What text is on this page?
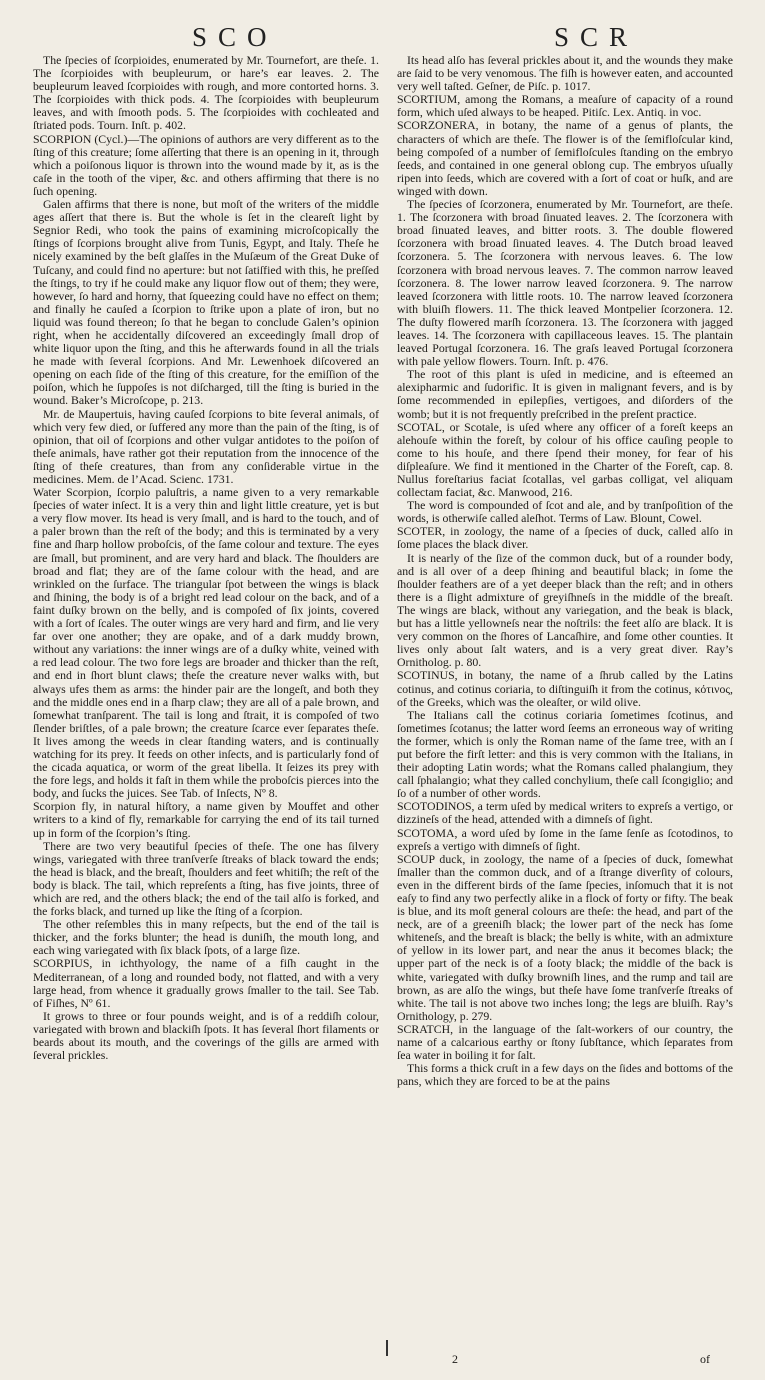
SCO	SCR

The ſpecies of ſcorpioides, enumerated by Mr. Tournefort, are theſe. 1. The ſcorpioides with beupleurum, or hare’s ear leaves. 2. The beupleurum leaved ſcorpioides with rough, and more contorted horns. 3. The ſcorpioides with thick pods. 4. The ſcorpioides with beupleurum leaves, and with ſmooth pods. 5. The ſcorpioides with cochleated and ſtriated pods. Tourn. Inſt. p. 402.

SCORPION (Cycl.)—The opinions of authors are very different as to the ſting of this creature; ſome aſſerting that there is an opening in it, through which a poiſonous liquor is thrown into the wound made by it, as is the caſe in the tooth of the viper, &c. and others affirming that there is no ſuch opening.

Galen affirms that there is none, but moſt of the writers of the middle ages aſſert that there is. But the whole is ſet in the cleareſt light by Segnior Redi, who took the pains of examining microſcopically the ſtings of ſcorpions brought alive from Tunis, Egypt, and Italy. Theſe he nicely examined by the beſt glaſſes in the Muſæum of the Great Duke of Tuſcany, and could find no aperture: but not ſatiſfied with this, he preſſed the ſtings, to try if he could make any liquor flow out of them; they were, however, ſo hard and horny, that ſqueezing could have no effect on them; and finally he cauſed a ſcorpion to ſtrike upon a plate of iron, but no liquid was found thereon; ſo that he began to conclude Galen’s opinion right, when he accidentally diſcovered an exceedingly ſmall drop of white liquor upon the ſting, and this he afterwards found in all the trials he made with ſeveral ſcorpions. And Mr. Lewenhoek diſcovered an opening on each ſide of the ſting of this creature, for the emiſſion of the poiſon, which he ſuppoſes is not diſcharged, till the ſting is buried in the wound. Baker’s Microſcope, p. 213.

Mr. de Maupertuis, having cauſed ſcorpions to bite ſeveral animals, of which very few died, or ſuffered any more than the pain of the ſting, is of opinion, that oil of ſcorpions and other vulgar antidotes to the poiſon of theſe animals, have rather got their reputation from the innocence of the ſting of theſe creatures, than from any conſiderable virtue in the medicines. Mem. de l’Acad. Scienc. 1731.

Water Scorpion, ſcorpio paluſtris, a name given to a very remarkable ſpecies of water inſect. It is a very thin and light little creature, yet is but a very flow mover. Its head is very ſmall, and is hard to the touch, and of a paler brown than the reſt of the body; and this is terminated by a very fine and ſharp hollow proboſcis, of the ſame colour and texture. The eyes are ſmall, but prominent, and are very hard and black. The ſhoulders are broad and flat; they are of the ſame colour with the head, and are wrinkled on the ſurface. The triangular ſpot between the wings is black and ſhining, the body is of a bright red lead colour on the back, and of a faint duſky brown on the belly, and is compoſed of ſix joints, covered with a ſort of ſcales. The outer wings are very hard and firm, and lie very far over one another; they are opake, and of a dark muddy brown, without any variations: the inner wings are of a duſky white, veined with a red lead colour. The two fore legs are broader and thicker than the reſt, and end in ſhort blunt claws; theſe the creature never walks with, but always ufes them as arms: the hinder pair are the longeſt, and both they and the middle ones end in a ſharp claw; they are all of a pale brown, and ſomewhat tranſparent. The tail is long and ſtrait, it is compoſed of two ſlender briſtles, of a pale brown; the creature ſcarce ever ſeparates theſe. It lives among the weeds in clear ſtanding waters, and is continually watching for its prey. It feeds on other inſects, and is particularly fond of the cicada aquatica, or worm of the great libella. It ſeizes its prey with the fore legs, and holds it faſt in them while the proboſcis pierces into the body, and ſucks the juices. See Tab. of Inſects, Nº 8.

Scorpion fly, in natural hiſtory, a name given by Mouffet and other writers to a kind of fly, remarkable for carrying the end of its tail turned up in form of the ſcorpion’s ſting.

There are two very beautiful ſpecies of theſe. The one has ſilvery wings, variegated with three tranſverſe ſtreaks of black toward the ends; the head is black, and the breaſt, ſhoulders and feet whitiſh; the reſt of the body is black. The tail, which repreſents a ſting, has five joints, three of which are red, and the others black; the end of the tail alſo is forked, and the forks black, and turned up like the ſting of a ſcorpion.

The other reſembles this in many reſpects, but the end of the tail is thicker, and the forks blunter; the head is duniſh, the mouth long, and each wing variegated with ſix black ſpots, of a large ſize.

SCORPIUS, in ichthyology, the name of a fiſh caught in the Mediterranean, of a long and rounded body, not flatted, and with a very large head, from whence it gradually grows ſmaller to the tail. See Tab. of Fiſhes, Nº 61.

It grows to three or four pounds weight, and is of a reddiſh colour, variegated with brown and blackiſh ſpots. It has ſeveral ſhort filaments or beards about its mouth, and the coverings of the gills are armed with ſeveral prickles.

Its head alſo has ſeveral prickles about it, and the wounds they make are ſaid to be very venomous. The fiſh is however eaten, and accounted very well taſted. Geſner, de Piſc. p. 1017.

SCORTIUM, among the Romans, a meaſure of capacity of a round form, which uſed always to be heaped. Pitiſc. Lex. Antiq. in voc.

SCORZONERA, in botany, the name of a genus of plants, the characters of which are theſe. The flower is of the ſemifloſcular kind, being compoſed of a number of ſemifloſcules ſtanding on the embryo ſeeds, and contained in one general oblong cup. The embryos uſually ripen into ſeeds, which are covered with a ſort of coat or huſk, and are winged with down.

The ſpecies of ſcorzonera, enumerated by Mr. Tournefort, are theſe. 1. The ſcorzonera with broad ſinuated leaves. 2. The ſcorzonera with broad ſinuated leaves, and bitter roots. 3. The double flowered ſcorzonera with broad ſinuated leaves. 4. The Dutch broad leaved ſcorzonera. 5. The ſcorzonera with nervous leaves. 6. The low ſcorzonera with broad nervous leaves. 7. The common narrow leaved ſcorzonera. 8. The lower narrow leaved ſcorzonera. 9. The narrow leaved ſcorzonera with little roots. 10. The narrow leaved ſcorzonera with bluiſh flowers. 11. The thick leaved Montpelier ſcorzonera. 12. The duſty flowered marſh ſcorzonera. 13. The ſcorzonera with jagged leaves. 14. The ſcorzonera with capillaceous leaves. 15. The plantain leaved Portugal ſcorzonera. 16. The graſs leaved Portugal ſcorzonera with pale yellow flowers. Tourn. Inſt. p. 476.

The root of this plant is uſed in medicine, and is eſteemed an alexipharmic and ſudorific. It is given in malignant fevers, and is by ſome recommended in epilepſies, vertigoes, and diſorders of the womb; but it is not frequently preſcribed in the preſent practice.

SCOTAL, or Scotale, is uſed where any officer of a foreſt keeps an alehouſe within the foreſt, by colour of his office cauſing people to come to his houſe, and there ſpend their money, for fear of his diſpleaſure. We find it mentioned in the Charter of the Foreſt, cap. 8. Nullus foreſtarius faciat ſcotallas, vel garbas colligat, vel aliquam collectam faciat, &c. Manwood, 216.

The word is compounded of ſcot and ale, and by tranſpoſition of the words, is otherwiſe called aleſhot. Terms of Law. Blount, Cowel.

SCOTER, in zoology, the name of a ſpecies of duck, called alſo in ſome places the black diver.

It is nearly of the ſize of the common duck, but of a rounder body, and is all over of a deep ſhining and beautiful black; in ſome the ſhoulder feathers are of a yet deeper black than the reſt; and in others there is a ſlight admixture of greyiſhneſs in the middle of the breaſt. The wings are black, without any variegation, and the beak is black, but has a little yellowneſs near the noſtrils: the feet alſo are black. It is very common on the ſhores of Lancaſhire, and ſome other counties. It lives only about ſalt waters, and is a very great diver. Ray’s Ornitholog. p. 80.

SCOTINUS, in botany, the name of a ſhrub called by the Latins cotinus, and cotinus coriaria, to diſtinguiſh it from the cotinus, κότινος, of the Greeks, which was the oleaſter, or wild olive.

The Italians call the cotinus coriaria ſometimes ſcotinus, and ſometimes ſcotanus; the latter word ſeems an erroneous way of writing the former, which is only the Roman name of the ſame tree, with an ſ put before the firſt letter: and this is very common with the Italians, in their adopting Latin words; what the Romans called phalangium, they call ſphalangio; what they called conchylium, theſe call ſcongiglio; and ſo of a number of other words.

SCOTODINOS, a term uſed by medical writers to expreſs a vertigo, or dizzineſs of the head, attended with a dimneſs of ſight.

SCOTOMA, a word uſed by ſome in the ſame ſenſe as ſcotodinos, to expreſs a vertigo with dimneſs of ſight.

SCOUP duck, in zoology, the name of a ſpecies of duck, ſomewhat ſmaller than the common duck, and of a ſtrange diverſity of colours, even in the different birds of the ſame ſpecies, inſomuch that it is not eaſy to find any two perfectly alike in a flock of forty or fifty. The beak is blue, and its moſt general colours are theſe: the head, and part of the neck, are of a greeniſh black; the lower part of the neck has ſome whiteneſs, and the breaſt is black; the belly is white, with an admixture of yellow in its lower part, and near the anus it becomes black; the upper part of the neck is of a ſooty black; the middle of the back is white, variegated with duſky browniſh lines, and the rump and tail are brown, as are alſo the wings, but theſe have ſome tranſverſe ſtreaks of white. The tail is not above two inches long; the legs are bluiſh. Ray’s Ornithology, p. 279.

SCRATCH, in the language of the ſalt-workers of our country, the name of a calcarious earthy or ſtony ſubſtance, which ſeparates from ſea water in boiling it for ſalt.

This forms a thick cruſt in a few days on the ſides and bottoms of the pans, which they are forced to be at the pains

2	of
